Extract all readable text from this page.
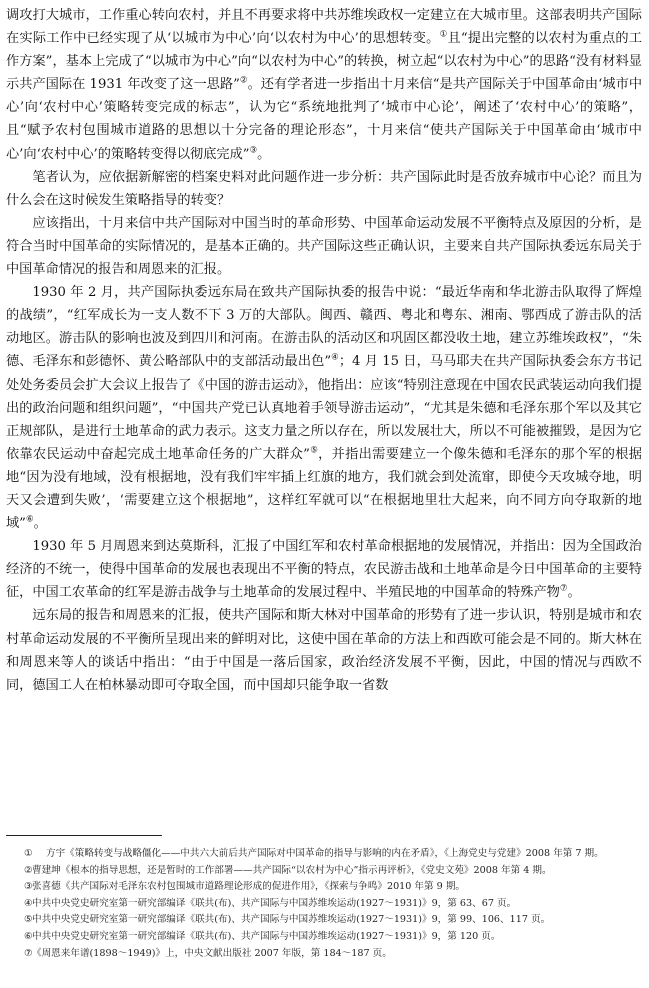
调攻打大城市，工作重心转向农村，并且不再要求将中共苏维埃政权一定建立在大城市里。这部表明共产国际在实际工作中已经实现了从‘以城市为中心’向‘以农村为中心’的思想转变。①且“提出完整的以农村为重点的工作方案”，基本上完成了“以城市为中心”向“以农村为中心”的转换，树立起“以农村为中心”的思路“没有材料显示共产国际在 1931 年改变了这一思路”②。还有学者进一步指出十月来信“是共产国际关于中国革命由‘城市中心’向‘农村中心’策略转变完成的标志”，认为它“系统地批判了‘城市中心论’，阐述了‘农村中心’的策略”，且“赋予农村包围城市道路的思想以十分完备的理论形态”，十月来信“使共产国际关于中国革命由‘城市中心’向‘农村中心’的策略转变得以彻底完成”③。

笔者认为，应依据新解密的档案史料对此问题作进一步分析：共产国际此时是否放弃城市中心论？而且为什么会在这时候发生策略指导的转变？

应该指出，十月来信中共产国际对中国当时的革命形势、中国革命运动发展不平衡特点及原因的分析，是符合当时中国革命的实际情况的，是基本正确的。共产国际这些正确认识，主要来自共产国际执委远东局关于中国革命情况的报告和周恩来的汇报。

1930 年 2 月，共产国际执委远东局在致共产国际执委的报告中说：“最近华南和华北游击队取得了辉煌的战绩”，“红军成长为一支人数不下 3 万的大部队。闽西、赣西、粤北和粤东、湘南、鄂西成了游击队的活动地区。游击队的影响也波及到四川和河南。在游击队的活动区和巩固区都没收土地，建立苏维埃政权”，“朱德、毛泽东和彭德怀、黄公略部队中的支部活动最出色”④；4 月 15 日，马马耶夫在共产国际执委会东方书记处处务委员会扩大会议上报告了《中国的游击运动》，他指出：应该“特别注意现在中国农民武装运动向我们提出的政治问题和组织问题”，“中国共产党已认真地着手领导游击运动”，“尤其是朱德和毛泽东那个军以及其它正规部队，是进行土地革命的武力表示。这支力量之所以存在，所以发展壮大，所以不可能被摧毁，是因为它依靠农民运动中奋起完成土地革命任务的广大群众”⑤，并指出需要建立一个像朱德和毛泽东的那个军的根据地“因为没有地域，没有根据地，没有我们牢牢插上红旗的地方，我们就会到处流窜，即使今天攻城夺地，明天又会遭到失败’，‘需要建立这个根据地”，这样红军就可以“在根据地里壮大起来，向不同方向夺取新的地域”⑥。

1930 年 5 月周恩来到达莫斯科，汇报了中国红军和农村革命根据地的发展情况，并指出：因为全国政治经济的不统一，使得中国革命的发展也表现出不平衡的特点，农民游击战和土地革命是今日中国革命的主要特征，中国工农革命的红军是游击战争与土地革命的发展过程中、半殖民地的中国革命的特殊产物⑦。

远东局的报告和周恩来的汇报，使共产国际和斯大林对中国革命的形势有了进一步认识，特别是城市和农村革命运动发展的不平衡所呈现出来的鲜明对比，这使中国在革命的方法上和西欧可能会是不同的。斯大林在和周恩来等人的谈话中指出：“由于中国是一落后国家，政治经济发展不平衡，因此，中国的情况与西欧不同，德国工人在柏林暴动即可夺取全国，而中国却只能争取一省数

① 方宇《策略转变与战略僵化——中共六大前后共产国际对中国革命的指导与影响的内在矛盾》，《上海党史与党建》2008 年第 7 期。
② 曹建坤《根本的指导思想，还是暂时的工作部署——共产国际“以农村为中心”指示再评析》，《党史文苑》2008 年第 4 期。
③ 张喜德《共产国际对毛泽东农村包围城市道路理论形成的促进作用》，《探索与争鸣》2010 年第 9 期。
④ 中共中央党史研究室第一研究部编译《联共(布)、共产国际与中国苏维埃运动(1927～1931)》9，第 63、67 页。
⑤ 中共中央党史研究室第一研究部编译《联共(布)、共产国际与中国苏维埃运动(1927～1931)》9，第 99、106、117 页。
⑥ 中共中央党史研究室第一研究部编译《联共(布)、共产国际与中国苏维埃运动(1927～1931)》9，第 120 页。
⑦ 《周恩来年谱(1898～1949)》上，中央文献出版社 2007 年版，第 184～187 页。
